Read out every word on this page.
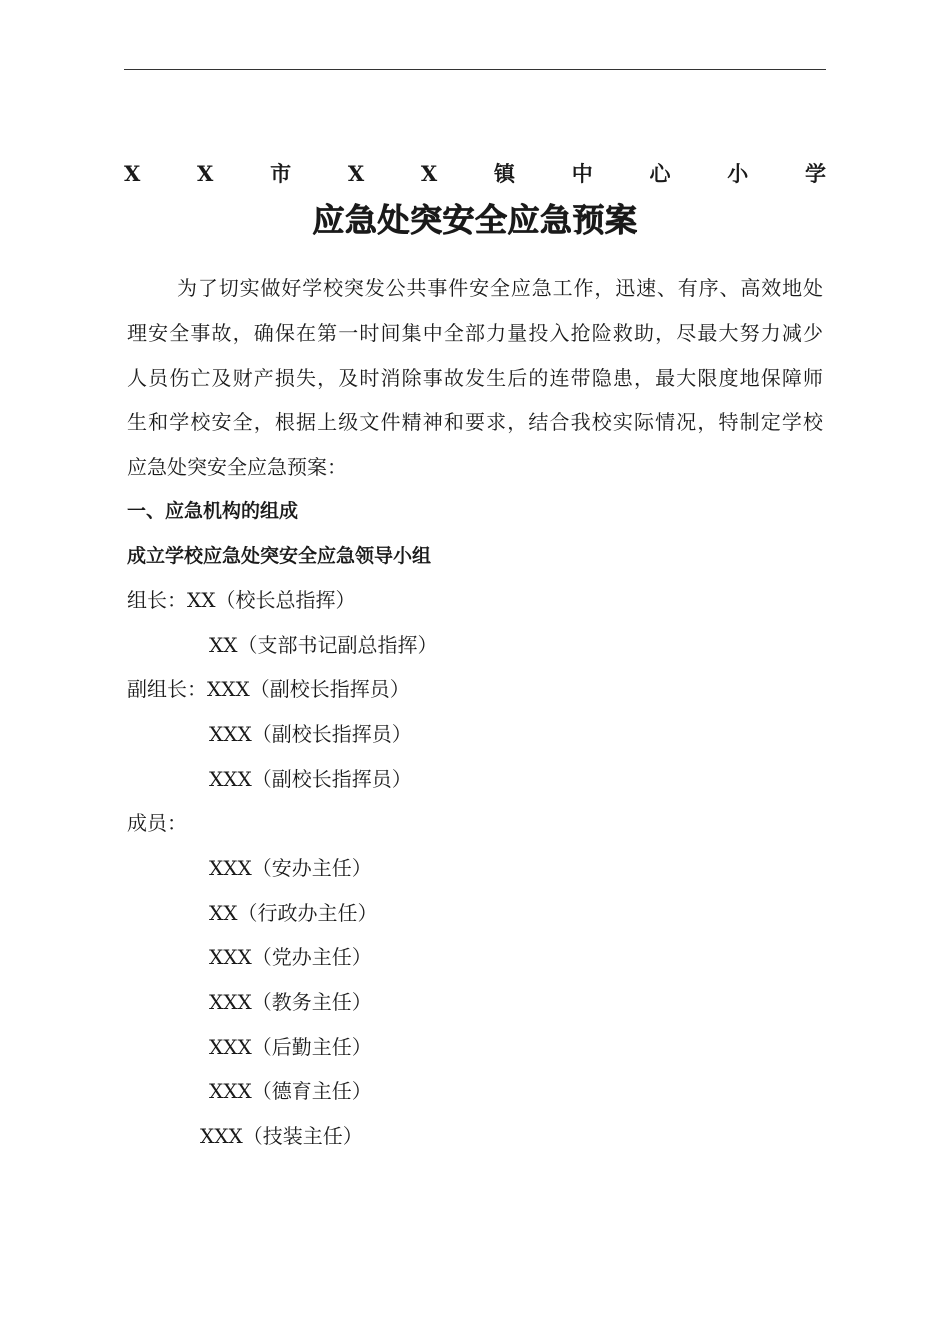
X	X	市	X	X	镇	中	心	小	学
应急处突安全应急预案
为了切实做好学校突发公共事件安全应急工作，迅速、有序、高效地处
理安全事故，确保在第一时间集中全部力量投入抢险救助，尽最大努力减少
人员伤亡及财产损失，及时消除事故发生后的连带隐患，最大限度地保障师
生和学校安全，根据上级文件精神和要求，结合我校实际情况，特制定学校
应急处突安全应急预案：
一、应急机构的组成
成立学校应急处突安全应急领导小组
组长：XX（校长总指挥）
XX（支部书记副总指挥）
副组长：XXX（副校长指挥员）
XXX（副校长指挥员）
XXX（副校长指挥员）
成员：
XXX（安办主任）
XX（行政办主任）
XXX（党办主任）
XXX（教务主任）
XXX（后勤主任）
XXX（德育主任）
XXX（技装主任）
